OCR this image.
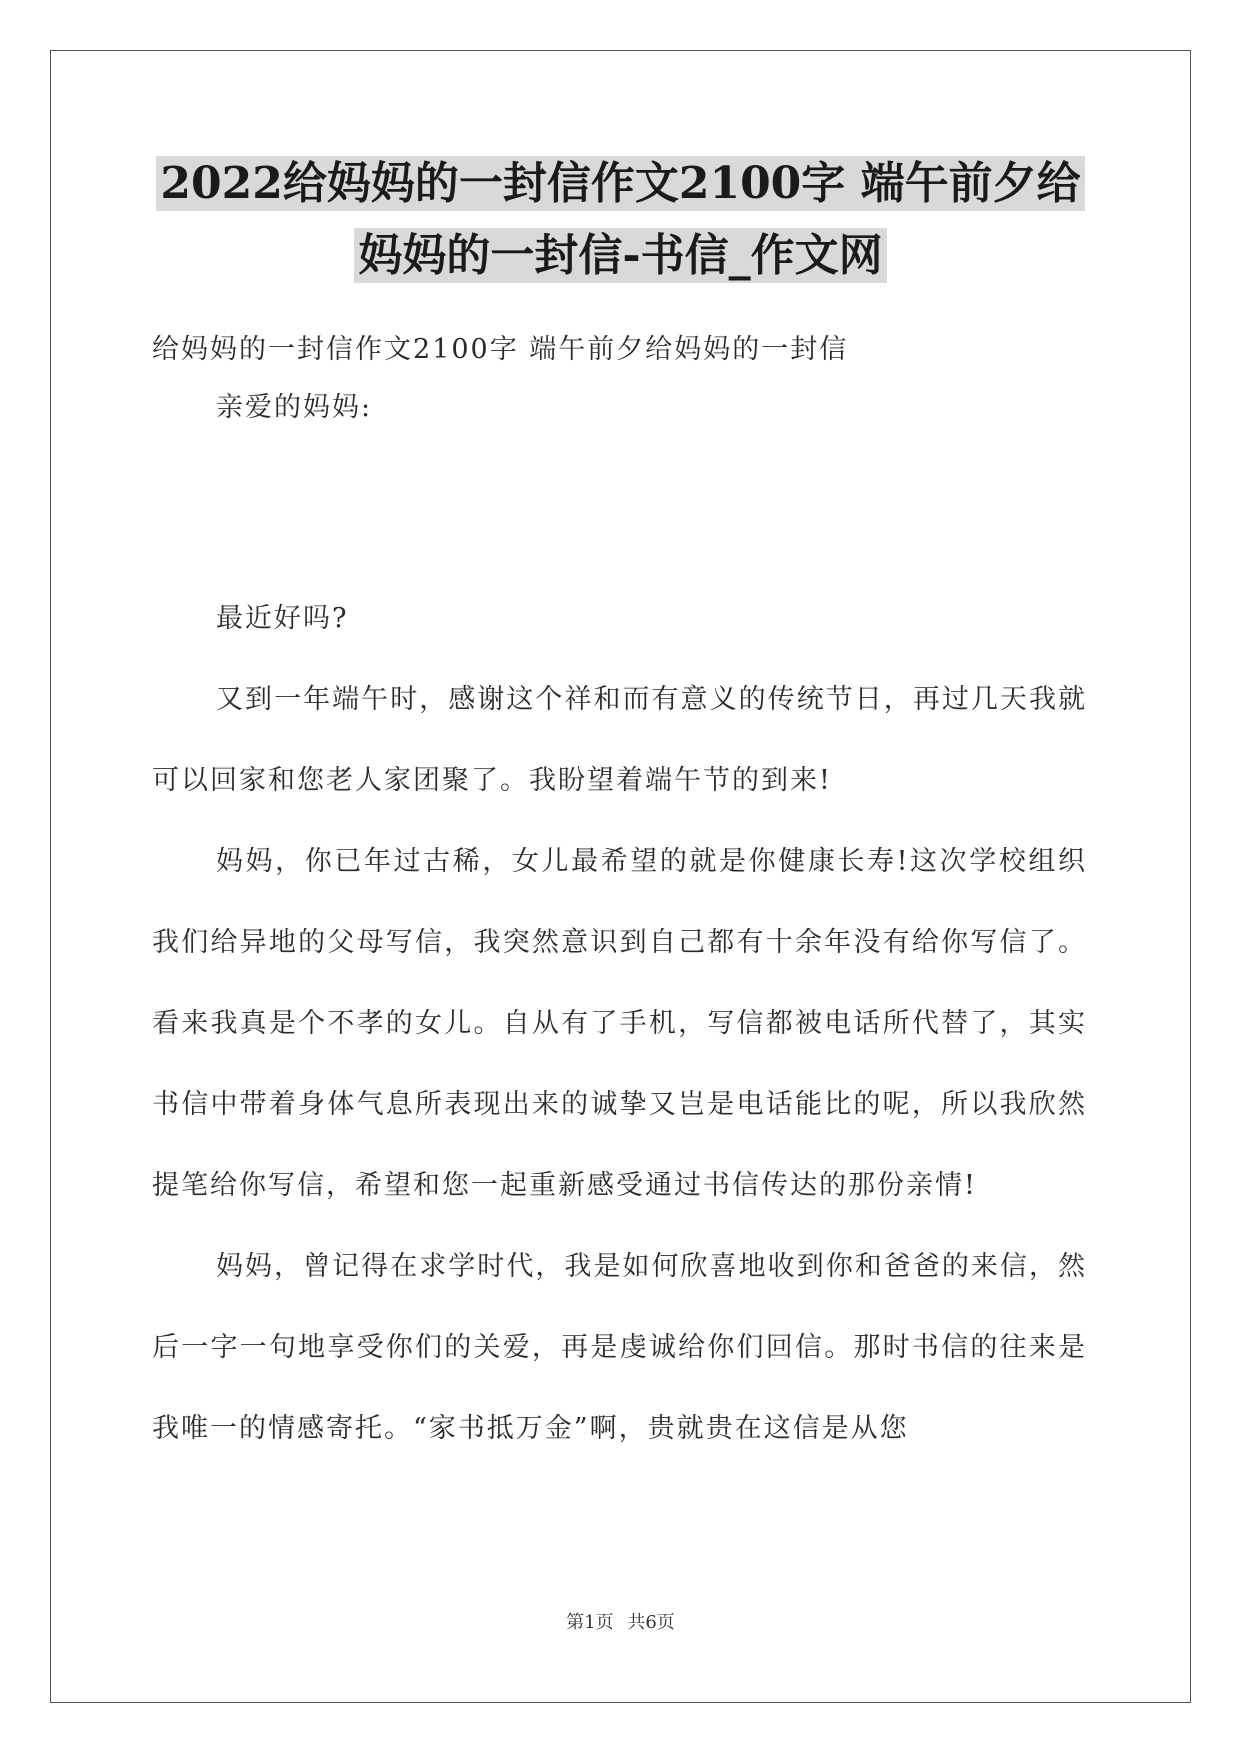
2022给妈妈的一封信作文2100字 端午前夕给妈妈的一封信-书信_作文网
给妈妈的一封信作文2100字 端午前夕给妈妈的一封信
亲爱的妈妈:

最近好吗?

又到一年端午时，感谢这个祥和而有意义的传统节日，再过几天我就可以回家和您老人家团聚了。我盼望着端午节的到来!

妈妈，你已年过古稀，女儿最希望的就是你健康长寿!这次学校组织我们给异地的父母写信，我突然意识到自己都有十余年没有给你写信了。看来我真是个不孝的女儿。自从有了手机，写信都被电话所代替了，其实书信中带着身体气息所表现出来的诚挚又岂是电话能比的呢，所以我欣然提笔给你写信，希望和您一起重新感受通过书信传达的那份亲情!

妈妈，曾记得在求学时代，我是如何欣喜地收到你和爸爸的来信，然后一字一句地享受你们的关爱，再是虔诚给你们回信。那时书信的往来是我唯一的情感寄托。“家书抵万金”啊，贵就贵在这信是从您

第1页 共6页
